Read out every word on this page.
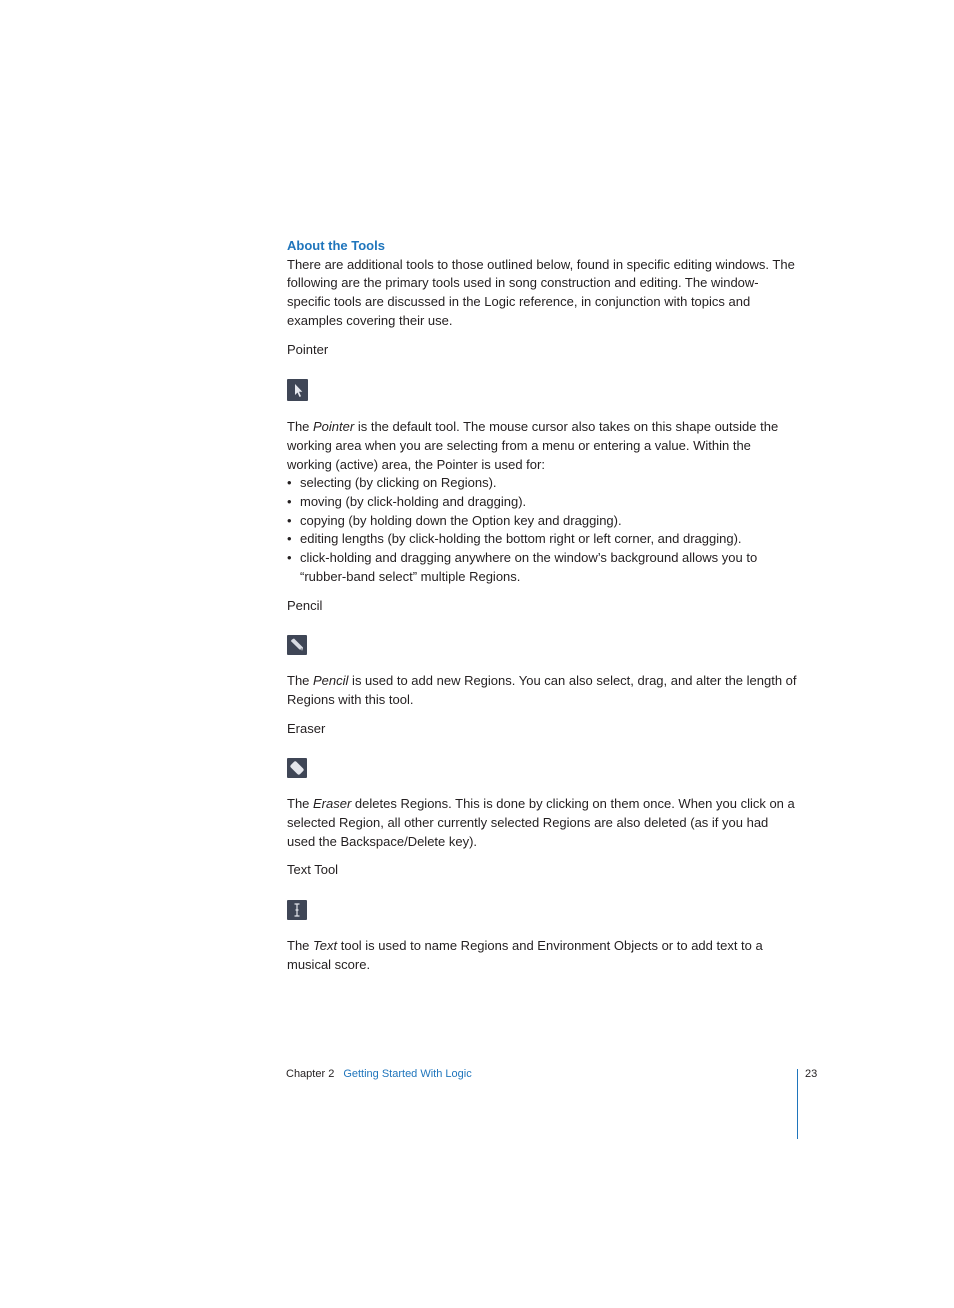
About the Tools

There are additional tools to those outlined below, found in specific editing windows. The following are the primary tools used in song construction and editing. The window-specific tools are discussed in the Logic reference, in conjunction with topics and examples covering their use.

Pointer

The Pointer is the default tool. The mouse cursor also takes on this shape outside the working area when you are selecting from a menu or entering a value. Within the working (active) area, the Pointer is used for:

• selecting (by clicking on Regions).
• moving (by click-holding and dragging).
• copying (by holding down the Option key and dragging).
• editing lengths (by click-holding the bottom right or left corner, and dragging).
• click-holding and dragging anywhere on the window’s background allows you to “rubber-band select” multiple Regions.

Pencil

The Pencil is used to add new Regions. You can also select, drag, and alter the length of Regions with this tool.

Eraser

The Eraser deletes Regions. This is done by clicking on them once. When you click on a selected Region, all other currently selected Regions are also deleted (as if you had used the Backspace/Delete key).

Text Tool

The Text tool is used to name Regions and Environment Objects or to add text to a musical score.

Chapter 2 Getting Started With Logic	23
